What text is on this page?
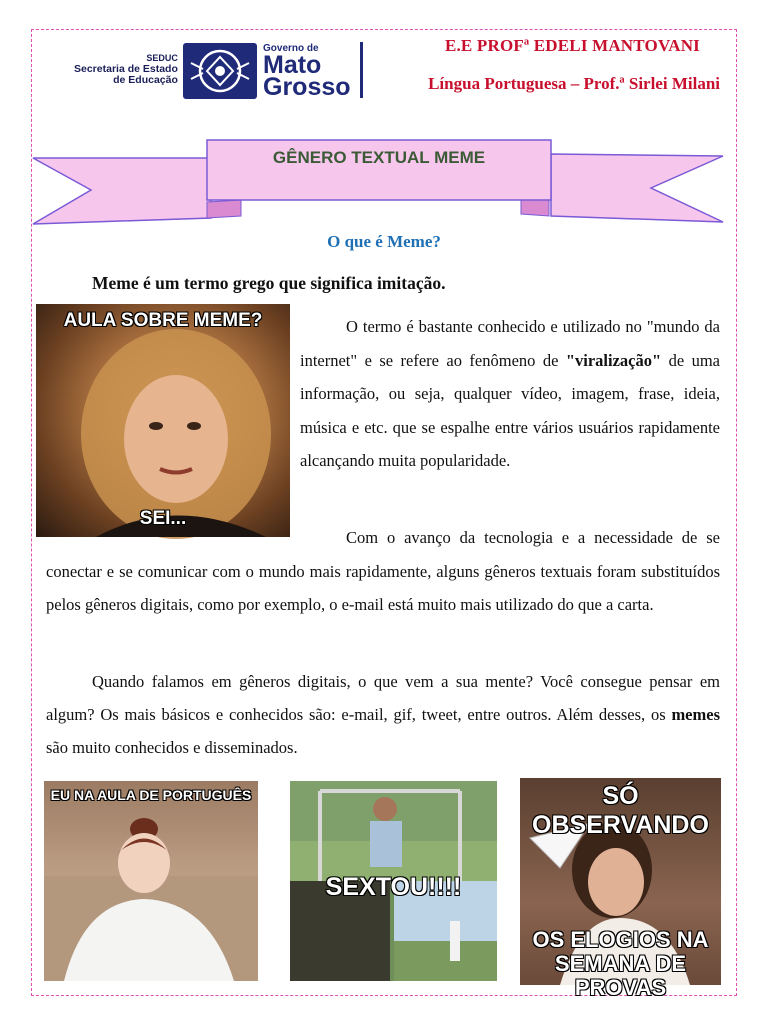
SEDUC
Secretaria de Estado
de Educação
Governo de
Mato
Grosso
E.E PROFª EDELI MANTOVANI
Língua Portuguesa – Prof.ª Sirlei Milani
GÊNERO TEXTUAL MEME
O que é Meme?
Meme é um termo grego que significa imitação.
AULA SOBRE MEME?
SEI...
O termo é bastante conhecido e utilizado no "mundo da internet" e se refere ao fenômeno de "viralização" de uma informação, ou seja, qualquer vídeo, imagem, frase, ideia, música e etc. que se espalhe entre vários usuários rapidamente alcançando muita popularidade.
Com o avanço da tecnologia e a necessidade de se conectar e se comunicar com o mundo mais rapidamente, alguns gêneros textuais foram substituídos pelos gêneros digitais, como por exemplo, o e-mail está muito mais utilizado do que a carta.
Quando falamos em gêneros digitais, o que vem a sua mente? Você consegue pensar em algum? Os mais básicos e conhecidos são: e-mail, gif, tweet, entre outros. Além desses, os memes são muito conhecidos e disseminados.
EU NA AULA DE PORTUGUÊS
SEXTOU!!!!
SÓ OBSERVANDO
OS ELOGIOS NA SEMANA DE PROVAS
